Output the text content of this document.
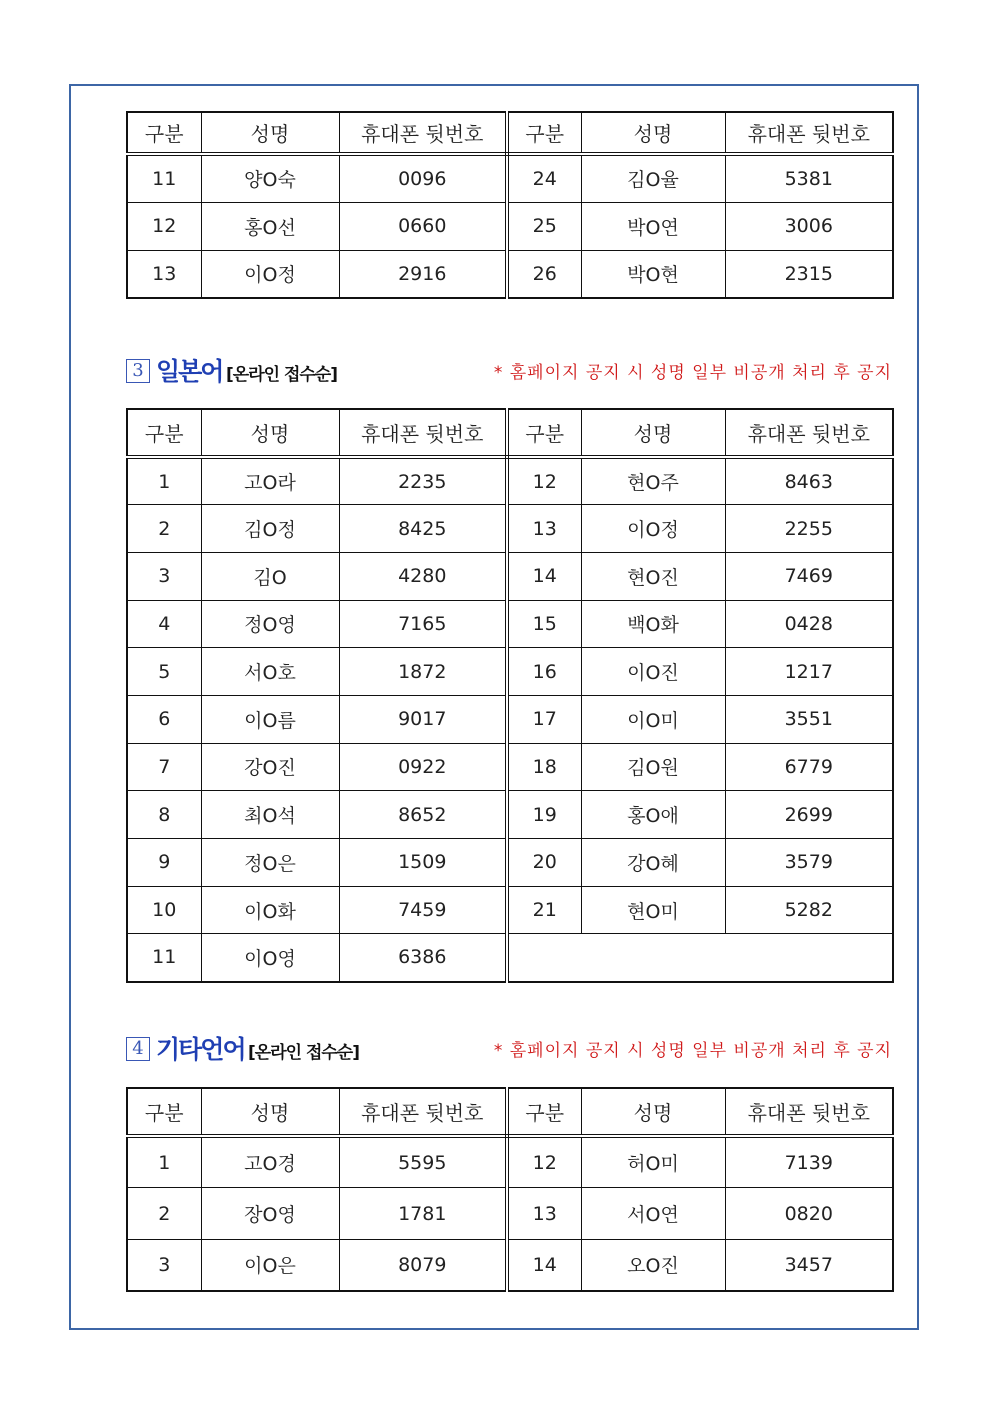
구분	성명	휴대폰 뒷번호	구분	성명	휴대폰 뒷번호
11	양O숙	0096	24	김O율	5381
12	홍O선	0660	25	박O연	3006
13	이O정	2916	26	박O현	2315
3 일본어 [온라인 접수순]	* 홈페이지 공지 시 성명 일부 비공개 처리 후 공지
구분	성명	휴대폰 뒷번호	구분	성명	휴대폰 뒷번호
1	고O라	2235	12	현O주	8463
2	김O정	8425	13	이O정	2255
3	김O	4280	14	현O진	7469
4	정O영	7165	15	백O화	0428
5	서O호	1872	16	이O진	1217
6	이O름	9017	17	이O미	3551
7	강O진	0922	18	김O원	6779
8	최O석	8652	19	홍O애	2699
9	정O은	1509	20	강O혜	3579
10	이O화	7459	21	현O미	5282
11	이O영	6386			
4 기타언어 [온라인 접수순]	* 홈페이지 공지 시 성명 일부 비공개 처리 후 공지
구분	성명	휴대폰 뒷번호	구분	성명	휴대폰 뒷번호
1	고O경	5595	12	허O미	7139
2	장O영	1781	13	서O연	0820
3	이O은	8079	14	오O진	3457
